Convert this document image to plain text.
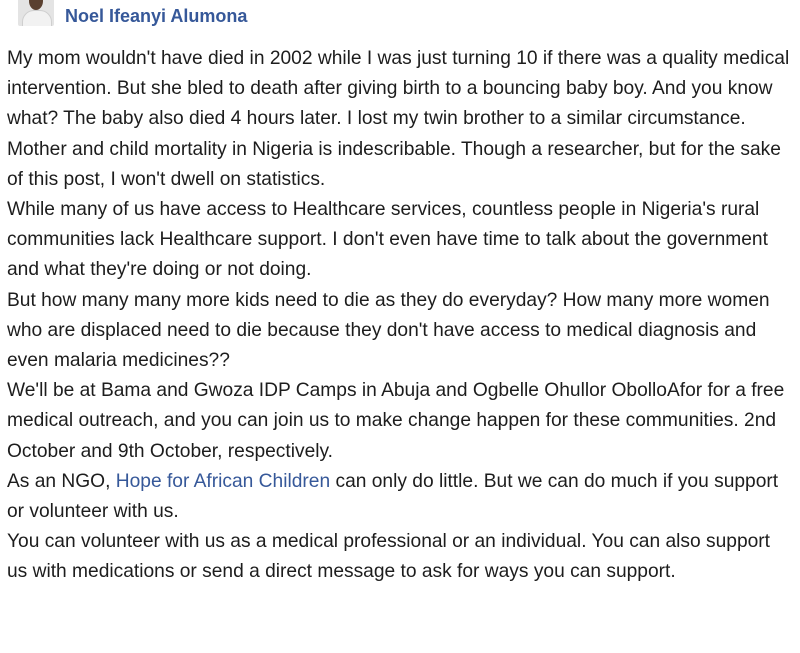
Noel Ifeanyi Alumona

My mom wouldn't have died in 2002 while I was just turning 10 if there was a quality medical intervention. But she bled to death after giving birth to a bouncing baby boy. And you know what? The baby also died 4 hours later. I lost my twin brother to a similar circumstance.

Mother and child mortality in Nigeria is indescribable. Though a researcher, but for the sake of this post, I won't dwell on statistics.

While many of us have access to Healthcare services, countless people in Nigeria's rural communities lack Healthcare support. I don't even have time to talk about the government and what they're doing or not doing.

But how many many more kids need to die as they do everyday? How many more women who are displaced need to die because they don't have access to medical diagnosis and even malaria medicines??

We'll be at Bama and Gwoza IDP Camps in Abuja and Ogbelle Ohullor ObolloAfor for a free medical outreach, and you can join us to make change happen for these communities. 2nd October and 9th October, respectively.

As an NGO, Hope for African Children can only do little. But we can do much if you support or volunteer with us.

You can volunteer with us as a medical professional or an individual. You can also support us with medications or send a direct message to ask for ways you can support.
